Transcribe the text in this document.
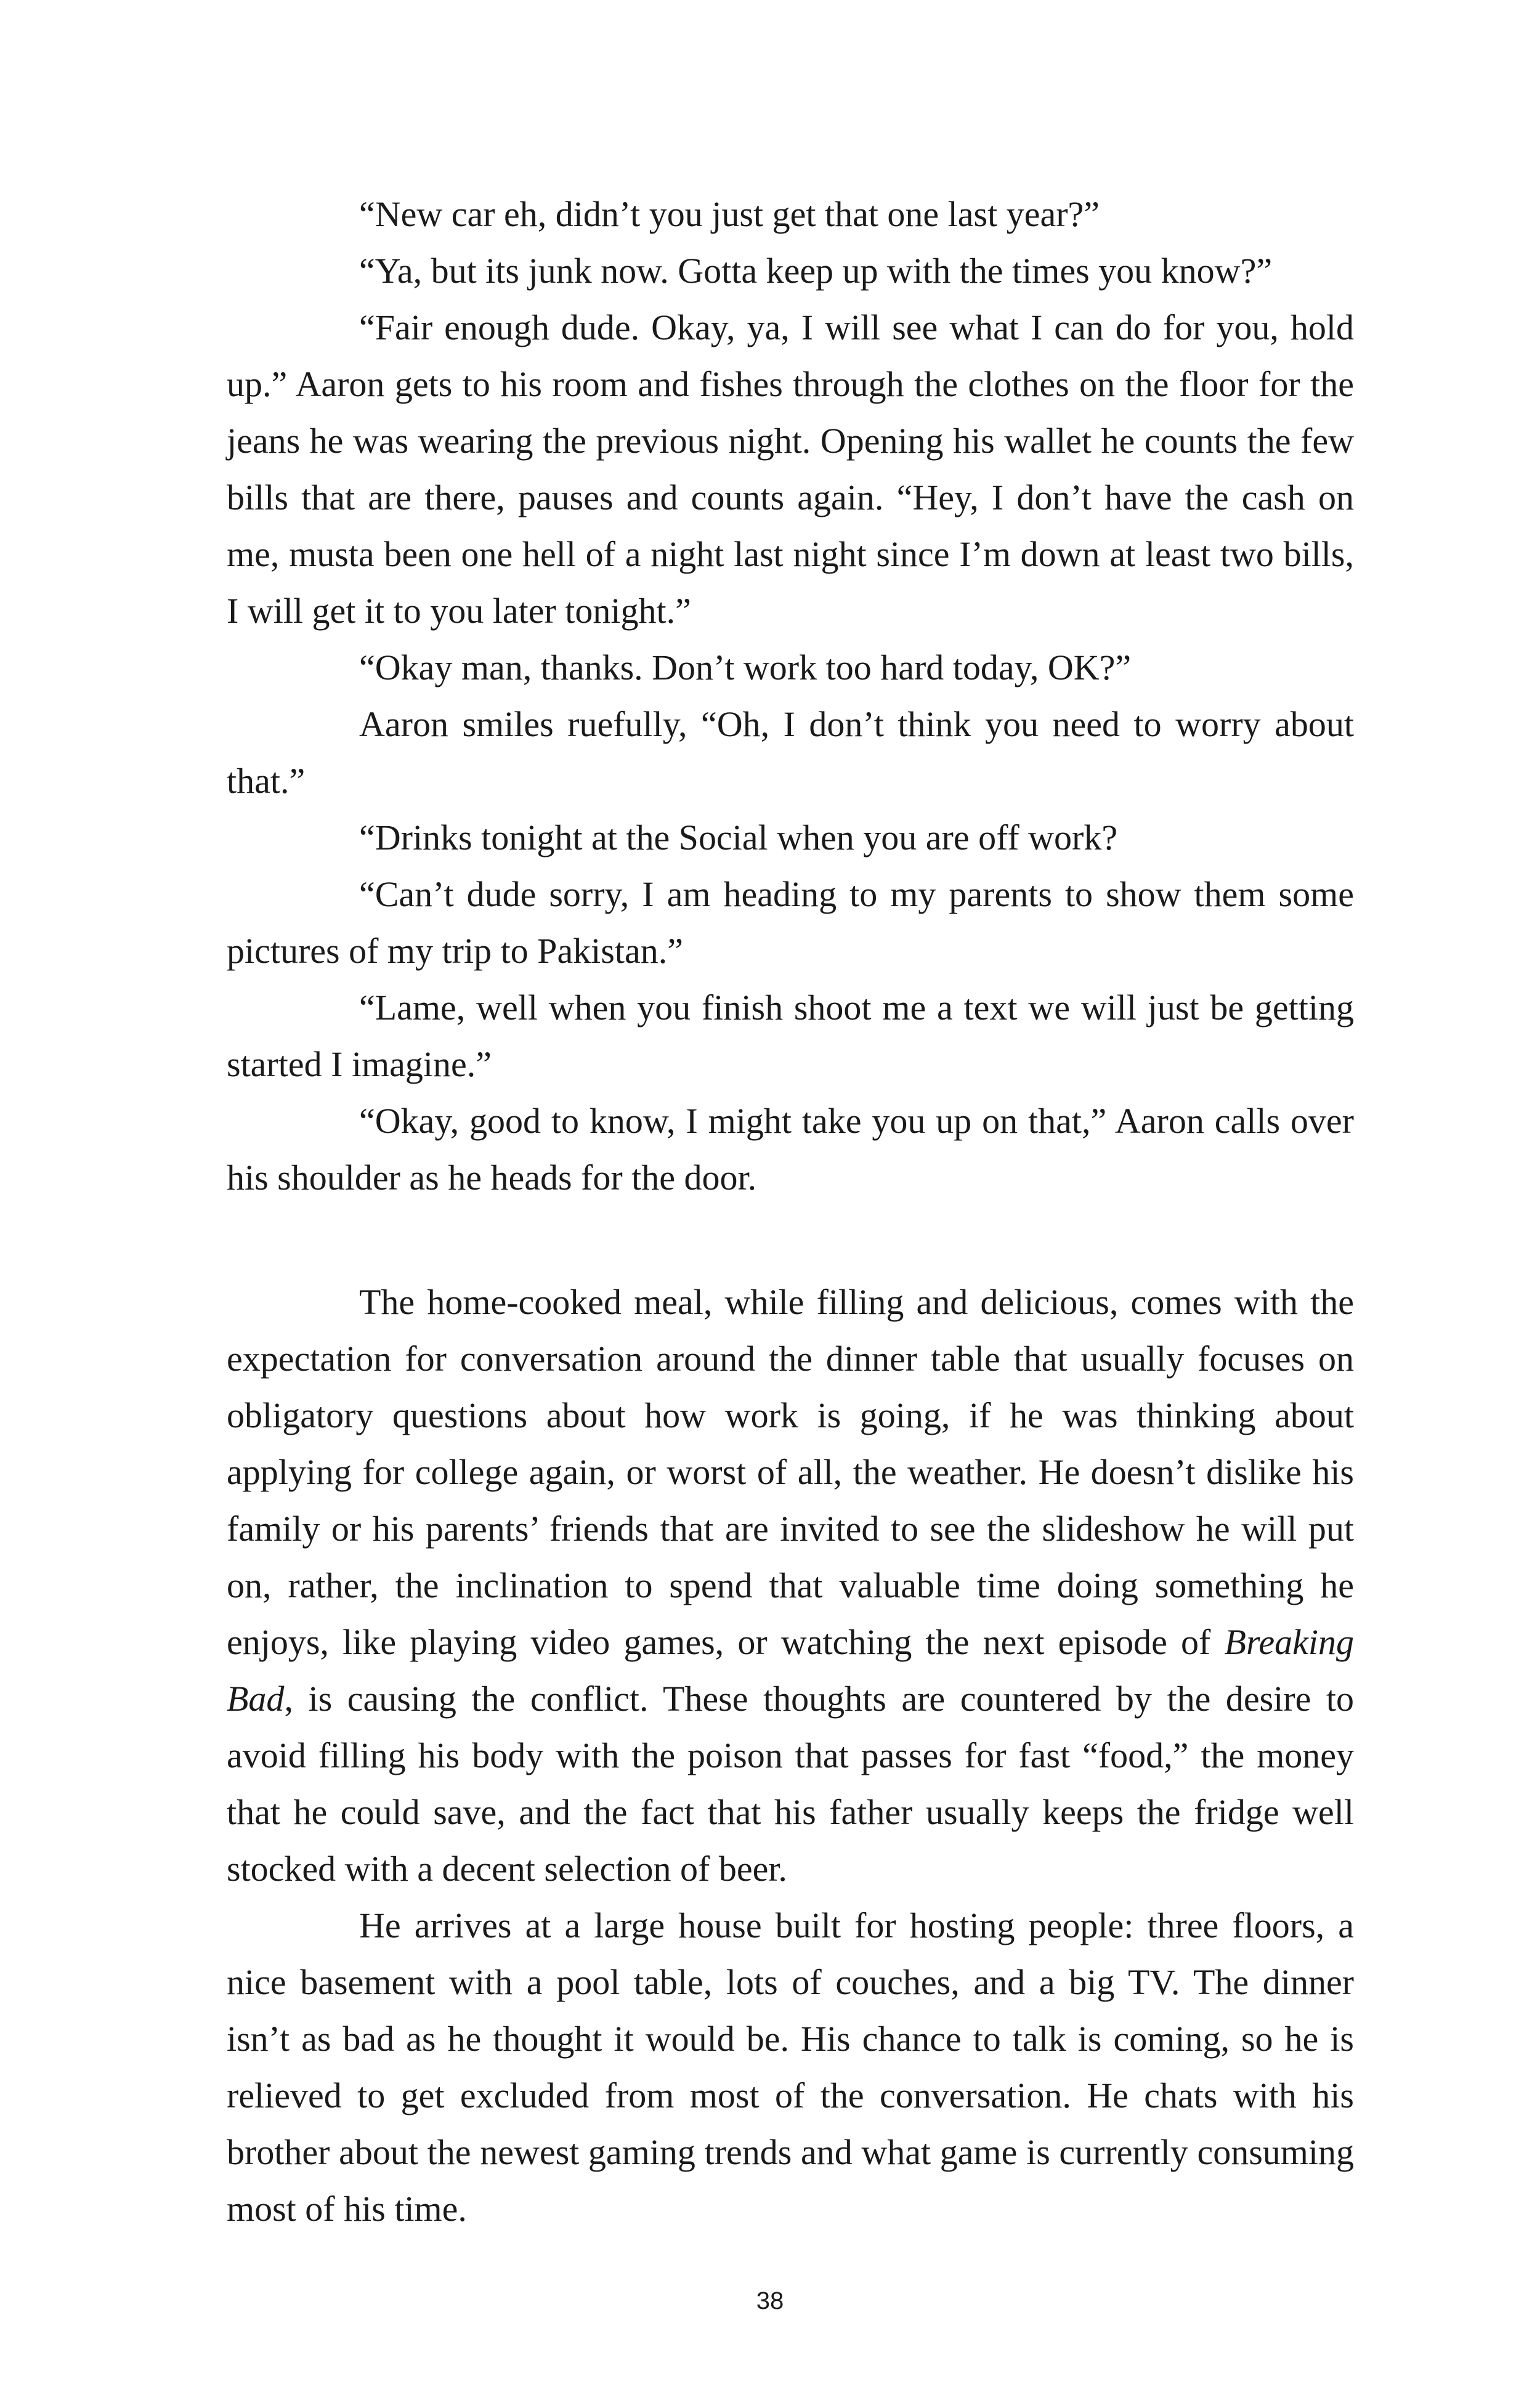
“New car eh, didn’t you just get that one last year?”

“Ya, but its junk now. Gotta keep up with the times you know?”

“Fair enough dude. Okay, ya, I will see what I can do for you, hold up.” Aaron gets to his room and fishes through the clothes on the floor for the jeans he was wearing the previous night. Opening his wallet he counts the few bills that are there, pauses and counts again. “Hey, I don’t have the cash on me, musta been one hell of a night last night since I’m down at least two bills, I will get it to you later tonight.”

“Okay man, thanks. Don’t work too hard today, OK?”

Aaron smiles ruefully, “Oh, I don’t think you need to worry about that.”

“Drinks tonight at the Social when you are off work?

“Can’t dude sorry, I am heading to my parents to show them some pictures of my trip to Pakistan.”

“Lame, well when you finish shoot me a text we will just be getting started I imagine.”

“Okay, good to know, I might take you up on that,” Aaron calls over his shoulder as he heads for the door.

The home-cooked meal, while filling and delicious, comes with the expectation for conversation around the dinner table that usually focuses on obligatory questions about how work is going, if he was thinking about applying for college again, or worst of all, the weather. He doesn’t dislike his family or his parents’ friends that are invited to see the slideshow he will put on, rather, the inclination to spend that valuable time doing something he enjoys, like playing video games, or watching the next episode of Breaking Bad, is causing the conflict. These thoughts are countered by the desire to avoid filling his body with the poison that passes for fast “food,” the money that he could save, and the fact that his father usually keeps the fridge well stocked with a decent selection of beer.

He arrives at a large house built for hosting people: three floors, a nice basement with a pool table, lots of couches, and a big TV. The dinner isn’t as bad as he thought it would be. His chance to talk is coming, so he is relieved to get excluded from most of the conversation. He chats with his brother about the newest gaming trends and what game is currently consuming most of his time.

38
